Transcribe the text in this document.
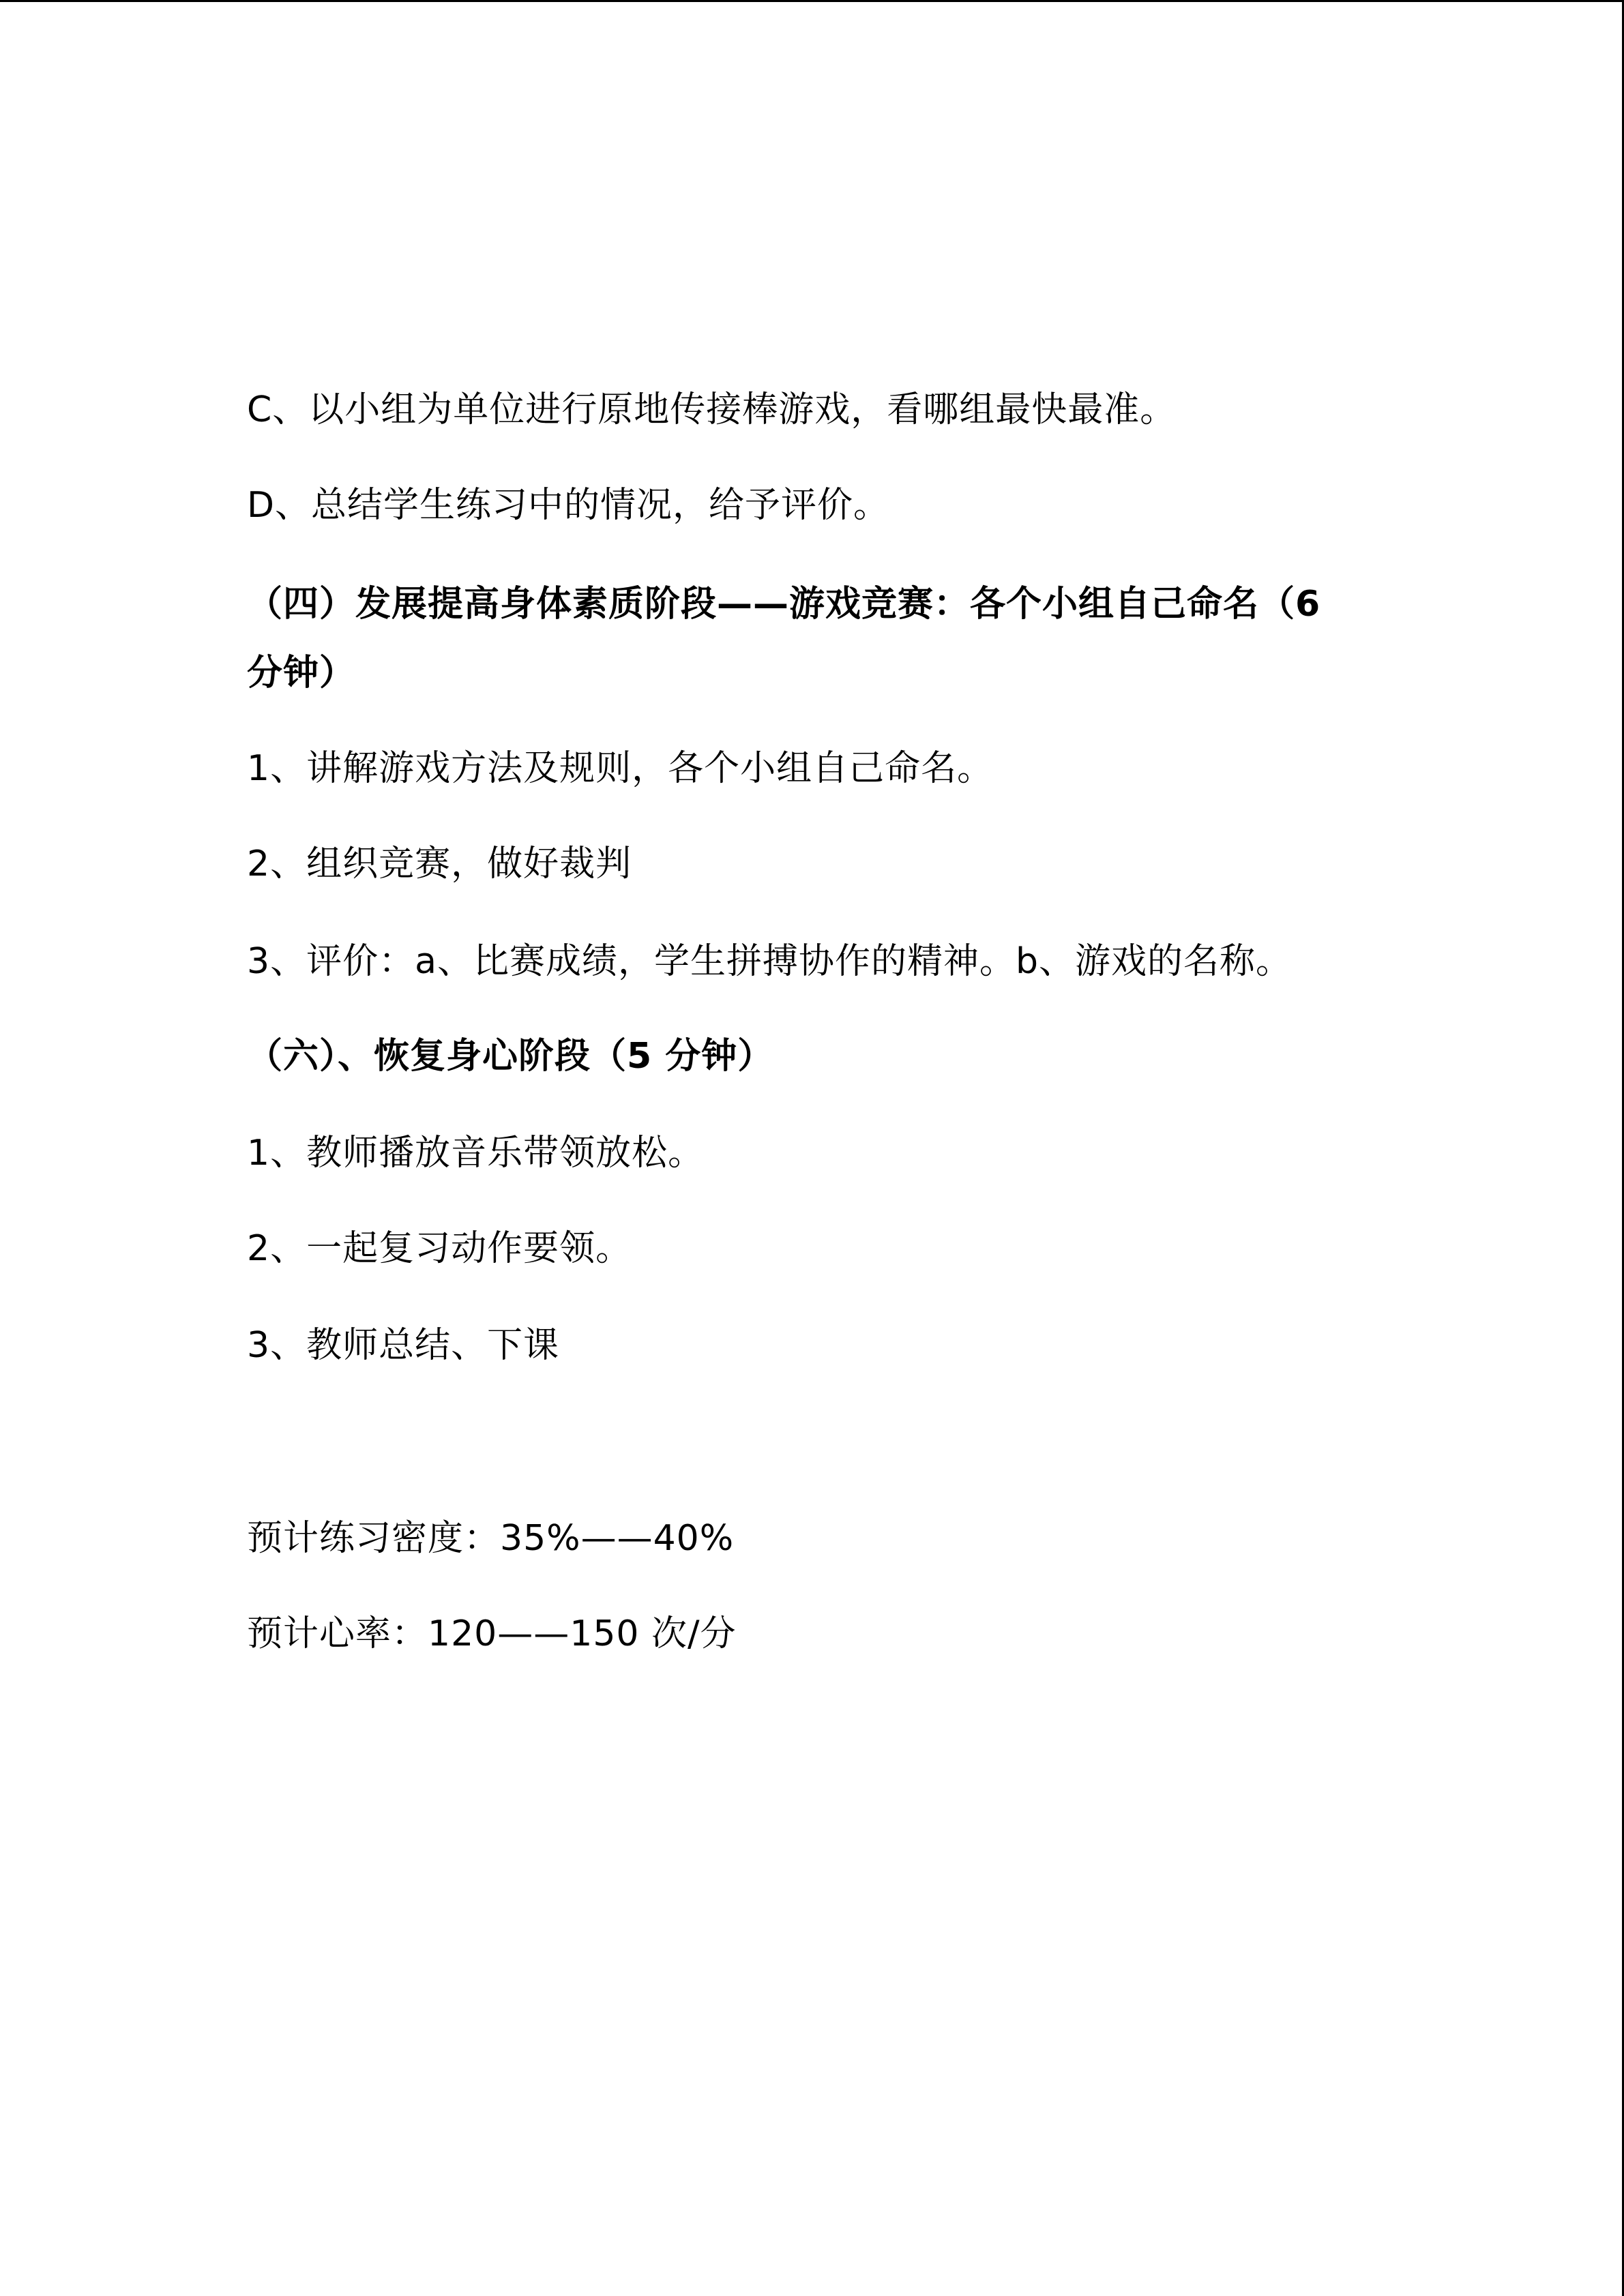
C、以小组为单位进行原地传接棒游戏，看哪组最快最准。
D、总结学生练习中的情况，给予评价。
（四）发展提高身体素质阶段——游戏竞赛：各个小组自己命名（6
分钟）
1、讲解游戏方法及规则，各个小组自己命名。
2、组织竞赛，做好裁判
3、评价：a、比赛成绩，学生拼搏协作的精神。b、游戏的名称。
（六）、恢复身心阶段（5 分钟）
1、教师播放音乐带领放松。
2、一起复习动作要领。
3、教师总结、下课
预计练习密度：35%——40%
预计心率：120——150 次/分
